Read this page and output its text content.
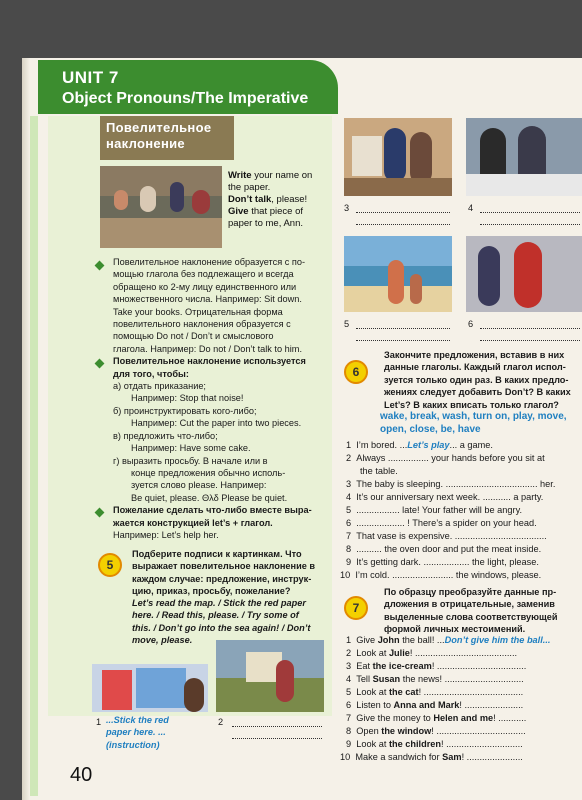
UNIT 7
Object Pronouns/The Imperative
Повелительное
наклонение
Write your name on
the paper.
Don’t talk, please!
Give that piece of
paper to me, Ann.
Повелительное наклонение образуется с по-
мощью глагола без подлежащего и всегда
обращено ко 2-му лицу единственного или
множественного числа. Например: Sit down.
Take your books. Отрицательная форма
повелительного наклонения образуется с
помощью Do not / Don’t и смыслового
глагола. Например: Do not / Don’t talk to him.
Повелительное наклонение используется
для того, чтобы:
а) отдать приказание;
Например: Stop that noise!
б) проинструктировать кого-либо;
Например: Cut the paper into two pieces.
в) предложить что-либо;
Например: Have some cake.
г) выразить просьбу. В начале или в
конце предложения обычно исполь-
зуется слово please. Например:
Be quiet, please. Θλδ Please be quiet.
Пожелание сделать что-либо вместе выра-
жается конструкцией let’s + глагол.
Например: Let’s help her.
5
Подберите подписи к картинкам. Что
выражает повелительное наклонение в
каждом случае: предложение, инструк-
цию, приказ, просьбу, пожелание?
Let’s read the map. / Stick the red paper
here. / Read this, please. / Try some of
this. / Don’t go into the sea again! / Don’t
move, please.
1 ...Stick the red
paper here. ...
(instruction)
2
40
3	4
5	6
6
Закончите предложения, вставив в них
данные глаголы. Каждый глагол испол-
зуется только один раз. В каких предло-
жениях следует добавить Don’t? В каких
Let’s? В каких вписать только глагол?
wake, break, wash, turn on, play, move,
open, close, be, have
1 I’m bored. ...Let’s play... a game.
2 Always ................ your hands before you sit at
the table.
3 The baby is sleeping. .................................... her.
4 It’s our anniversary next week. ........... a party.
5 ................. late! Your father will be angry.
6 ................... ! There’s a spider on your head.
7 That vase is expensive. ....................................
8 .......... the oven door and put the meat inside.
9 It’s getting dark. .................. the light, please.
10 I’m cold. ........................ the windows, please.
7
По образцу преобразуйте данные пр-
дложения в отрицательные, заменив
выделенные слова соответствующей
формой личных местоимений.
1 Give John the ball! ...Don’t give him the ball...
2 Look at Julie! ........................................
3 Eat the ice-cream! ...................................
4 Tell Susan the news! ...............................
5 Look at the cat! .......................................
6 Listen to Anna and Mark! .......................
7 Give the money to Helen and me! ...........
8 Open the window! ...................................
9 Look at the children! ..............................
10 Make a sandwich for Sam! ......................
